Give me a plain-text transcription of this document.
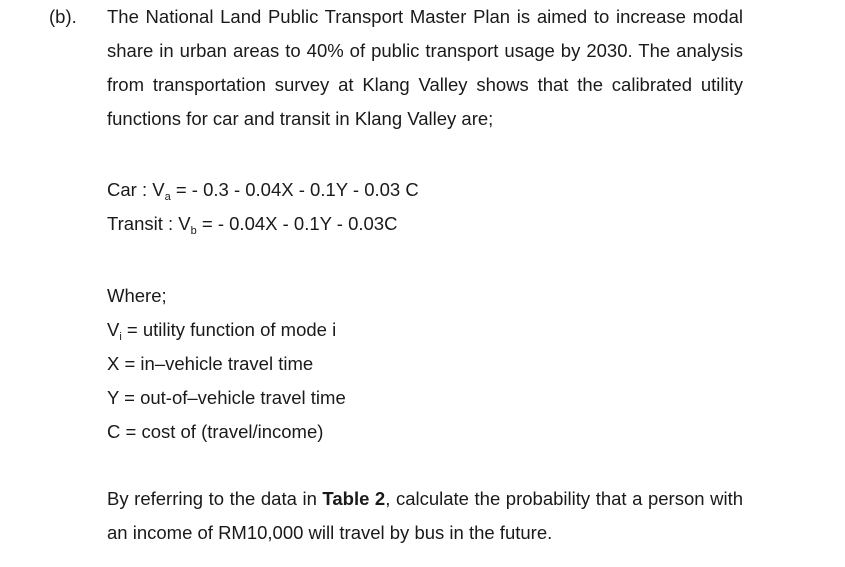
(b). The National Land Public Transport Master Plan is aimed to increase modal share in urban areas to 40% of public transport usage by 2030. The analysis from transportation survey at Klang Valley shows that the calibrated utility functions for car and transit in Klang Valley are;
Car : $V_a$ = - 0.3 - 0.04X - 0.1Y - 0.03 C
Transit : $V_b$ = - 0.04X - 0.1Y - 0.03C
Where;
$V_i$ = utility function of mode i
X = in–vehicle travel time
Y = out-of–vehicle travel time
C = cost of (travel/income)
By referring to the data in Table 2, calculate the probability that a person with an income of RM10,000 will travel by bus in the future.
